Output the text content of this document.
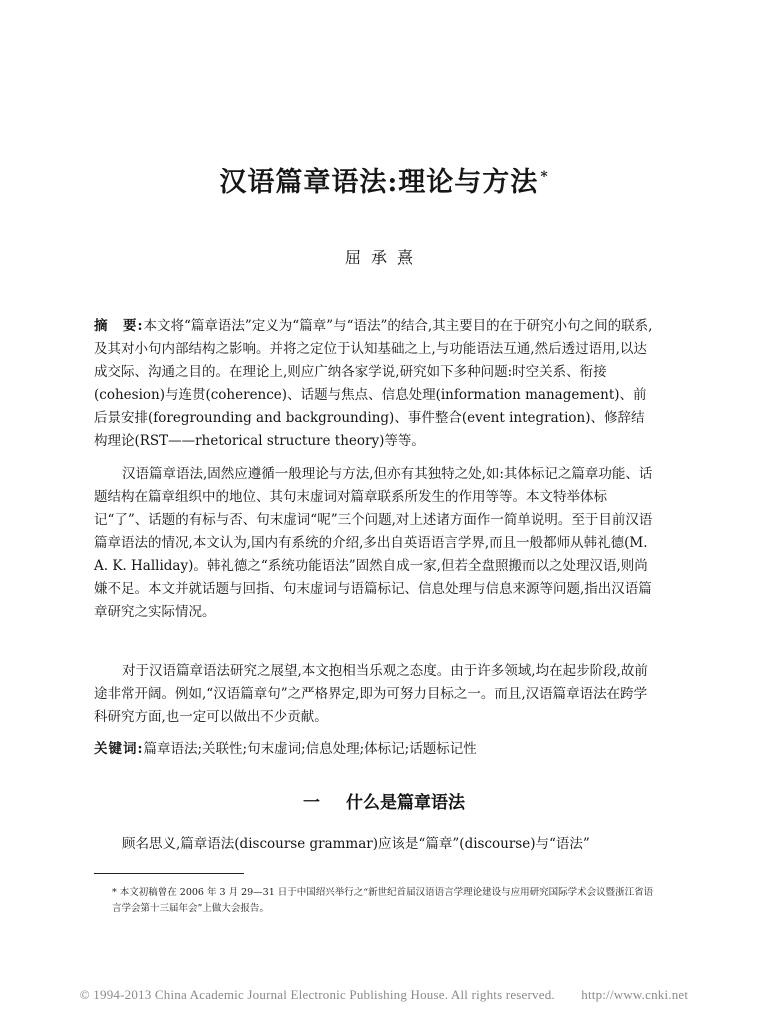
汉语篇章语法:理论与方法 *
屈承熹
摘　要:本文将“篇章语法”定义为“篇章”与“语法”的结合,其主要目的在于研究小句之间的联系,及其对小句内部结构之影响。并将之定位于认知基础之上,与功能语法互通,然后透过语用,以达成交际、沟通之目的。在理论上,则应广纳各家学说,研究如下多种问题:时空关系、衔接(cohesion)与连贯(coherence)、话题与焦点、信息处理(information management)、前后景安排(foregrounding and backgrounding)、事件整合(event integration)、修辞结构理论(RST——rhetorical structure theory)等等。
汉语篇章语法,固然应遵循一般理论与方法,但亦有其独特之处,如:其体标记之篇章功能、话题结构在篇章组织中的地位、其句末虚词对篇章联系所发生的作用等等。本文特举体标记“了”、话题的有标与否、句末虚词“呢”三个问题,对上述诸方面作一简单说明。至于目前汉语篇章语法的情况,本文认为,国内有系统的介绍,多出自英语语言学界,而且一般都师从韩礼德(M. A. K. Halliday)。韩礼德之“系统功能语法”固然自成一家,但若全盘照搬而以之处理汉语,则尚嫌不足。本文并就话题与回指、句末虚词与语篇标记、信息处理与信息来源等问题,指出汉语篇章研究之实际情况。
对于汉语篇章语法研究之展望,本文抱相当乐观之态度。由于许多领域,均在起步阶段,故前途非常开阔。例如,“汉语篇章句”之严格界定,即为可努力目标之一。而且,汉语篇章语法在跨学科研究方面,也一定可以做出不少贡献。
关键词:篇章语法;关联性;句末虚词;信息处理;体标记;话题标记性
一 什么是篇章语法
顾名思义,篇章语法(discourse grammar)应该是“篇章”(discourse)与“语法”
* 本文初稿曾在 2006 年 3 月 29—31 日于中国绍兴举行之“新世纪首届汉语语言学理论建设与应用研究国际学术会议暨浙江省语言学会第十三届年会”上做大会报告。
© 1994-2013 China Academic Journal Electronic Publishing House. All rights reserved.　　http://www.cnki.net
